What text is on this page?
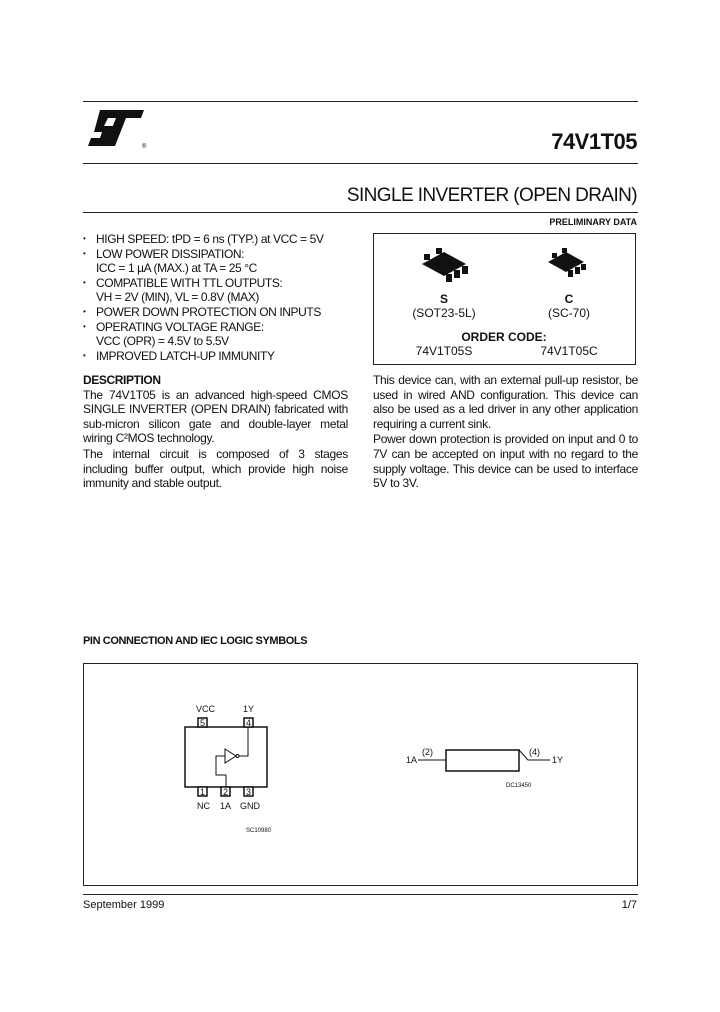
®	74V1T05
SINGLE INVERTER (OPEN DRAIN)
PRELIMINARY DATA
• HIGH SPEED: tPD = 6 ns (TYP.) at VCC = 5V
• LOW POWER DISSIPATION:
ICC = 1 µA (MAX.) at TA = 25 °C
• COMPATIBLE WITH TTL OUTPUTS:
VH = 2V (MIN), VL = 0.8V (MAX)
• POWER DOWN PROTECTION ON INPUTS
• OPERATING VOLTAGE RANGE:
VCC (OPR) = 4.5V to 5.5V
• IMPROVED LATCH-UP IMMUNITY
S
(SOT23-5L)
C
(SC-70)
ORDER CODE:
74V1T05S	74V1T05C
DESCRIPTION

The 74V1T05 is an advanced high-speed CMOS SINGLE INVERTER (OPEN DRAIN) fabricated with sub-micron silicon gate and double-layer metal wiring C²MOS technology.

The internal circuit is composed of 3 stages including buffer output, which provide high noise immunity and stable output.

This device can, with an external pull-up resistor, be used in wired AND configuration. This device can also be used as a led driver in any other application requiring a current sink.

Power down protection is provided on input and 0 to 7V can be accepted on input with no regard to the supply voltage. This device can be used to interface 5V to 3V.

PIN CONNECTION AND IEC LOGIC SYMBOLS
VCC	1Y
5	4
1 2 3
NC 1A GND
SC10980
1A
(2)	(4)
1Y
DC13450
September 1999	1/7
